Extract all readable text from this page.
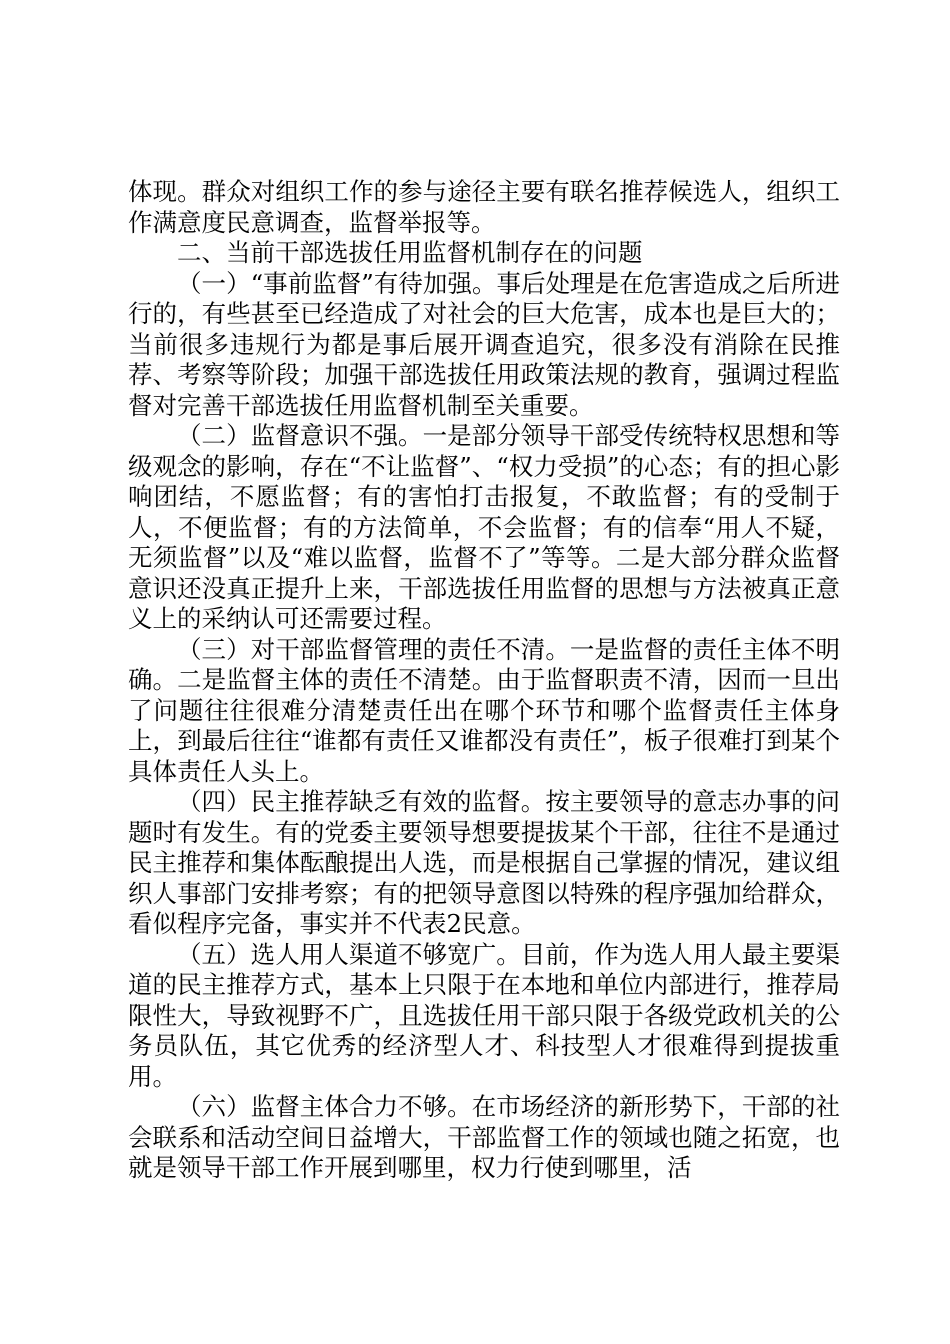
体现。群众对组织工作的参与途径主要有联名推荐候选人，组织工作满意度民意调查，监督举报等。

二、当前干部选拔任用监督机制存在的问题

（一）“事前监督”有待加强。事后处理是在危害造成之后所进行的，有些甚至已经造成了对社会的巨大危害，成本也是巨大的；当前很多违规行为都是事后展开调查追究，很多没有消除在民推荐、考察等阶段；加强干部选拔任用政策法规的教育，强调过程监督对完善干部选拔任用监督机制至关重要。

（二）监督意识不强。一是部分领导干部受传统特权思想和等级观念的影响，存在“不让监督”、“权力受损”的心态；有的担心影响团结，不愿监督；有的害怕打击报复，不敢监督；有的受制于人，不便监督；有的方法简单，不会监督；有的信奉“用人不疑，无须监督”以及“难以监督，监督不了”等等。二是大部分群众监督意识还没真正提升上来，干部选拔任用监督的思想与方法被真正意义上的采纳认可还需要过程。

（三）对干部监督管理的责任不清。一是监督的责任主体不明确。二是监督主体的责任不清楚。由于监督职责不清，因而一旦出了问题往往很难分清楚责任出在哪个环节和哪个监督责任主体身上，到最后往往“谁都有责任又谁都没有责任”，板子很难打到某个具体责任人头上。

（四）民主推荐缺乏有效的监督。按主要领导的意志办事的问题时有发生。有的党委主要领导想要提拔某个干部，往往不是通过民主推荐和集体酝酿提出人选，而是根据自己掌握的情况，建议组织人事部门安排考察；有的把领导意图以特殊的程序强加给群众，看似程序完备，事实并不代表2民意。

（五）选人用人渠道不够宽广。目前，作为选人用人最主要渠道的民主推荐方式，基本上只限于在本地和单位内部进行，推荐局限性大，导致视野不广，且选拔任用干部只限于各级党政机关的公务员队伍，其它优秀的经济型人才、科技型人才很难得到提拔重用。

（六）监督主体合力不够。在市场经济的新形势下，干部的社会联系和活动空间日益增大，干部监督工作的领域也随之拓宽，也就是领导干部工作开展到哪里，权力行使到哪里，活
